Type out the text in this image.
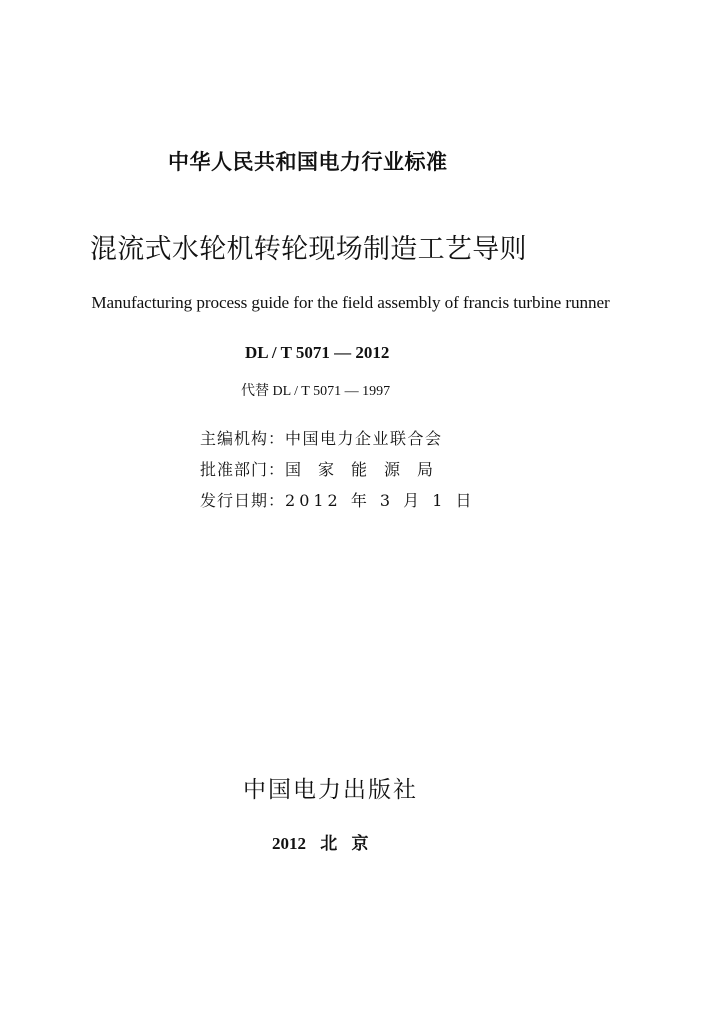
中华人民共和国电力行业标准
混流式水轮机转轮现场制造工艺导则
Manufacturing process guide for the field assembly of francis turbine runner
DL / T 5071 — 2012
代替 DL / T 5071 — 1997
主编机构： 中国电力企业联合会
批准部门： 国家能源局
发行日期： 2012 年 3 月 1 日
中国电力出版社
2012 北 京
